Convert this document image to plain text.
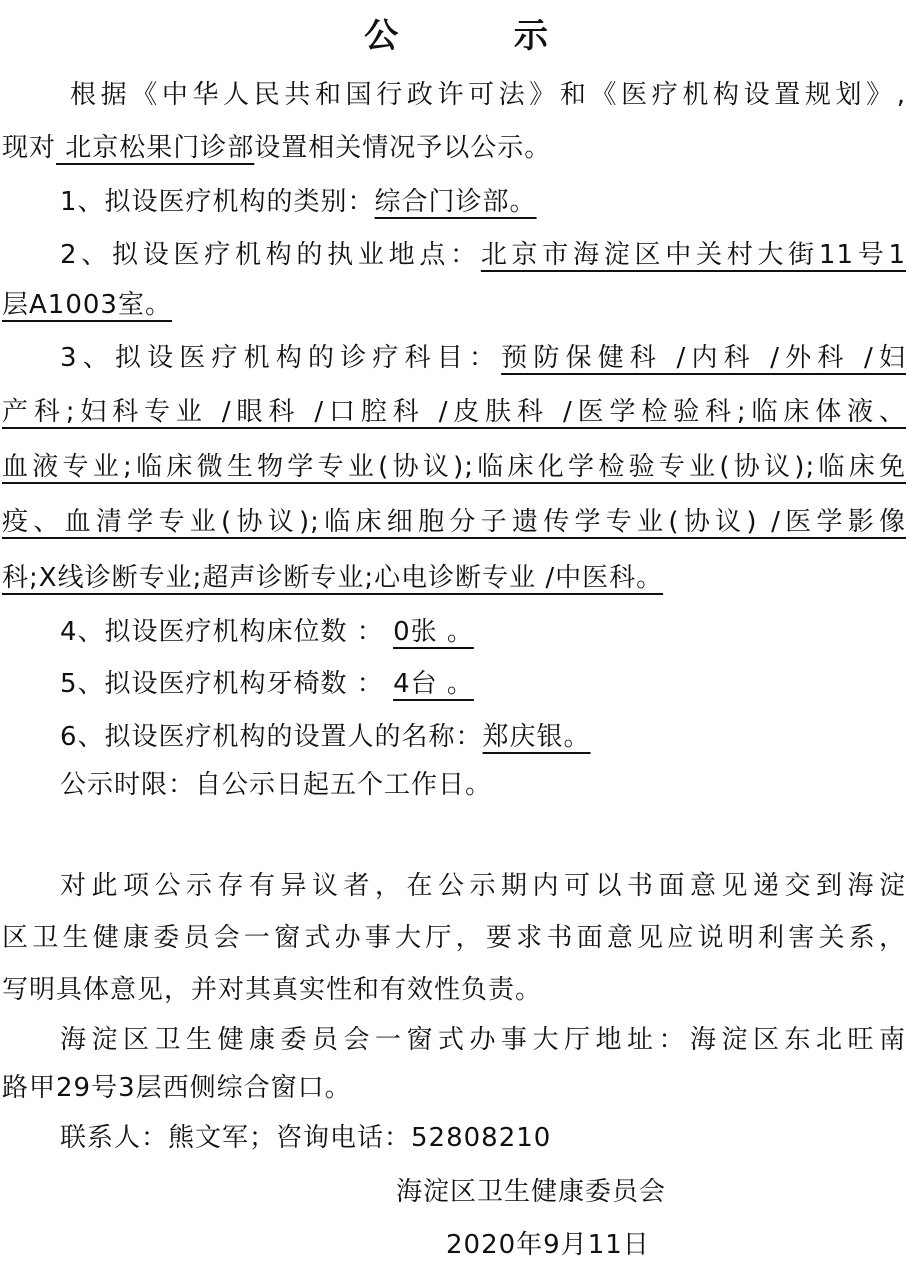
公 示
根据《中华人民共和国行政许可法》和《医疗机构设置规划》,
现对 北京松果门诊部设置相关情况予以公示。
1、拟设医疗机构的类别：综合门诊部。
2、拟设医疗机构的执业地点：北京市海淀区中关村大街11号1
层A1003室。
3、拟设医疗机构的诊疗科目：预防保健科 /内科 /外科 /妇
产科;妇科专业 /眼科 /口腔科 /皮肤科 /医学检验科;临床体液、
血液专业;临床微生物学专业(协议);临床化学检验专业(协议);临床免
疫、血清学专业(协议);临床细胞分子遗传学专业(协议) /医学影像
科;X线诊断专业;超声诊断专业;心电诊断专业 /中医科。
4、拟设医疗机构床位数 ： 0张 。
5、拟设医疗机构牙椅数 ： 4台 。
6、拟设医疗机构的设置人的名称：郑庆银。
公示时限：自公示日起五个工作日。
对此项公示存有异议者，在公示期内可以书面意见递交到海淀
区卫生健康委员会一窗式办事大厅，要求书面意见应说明利害关系，
写明具体意见，并对其真实性和有效性负责。
海淀区卫生健康委员会一窗式办事大厅地址：海淀区东北旺南
路甲29号3层西侧综合窗口。
联系人：熊文军；咨询电话：52808210
海淀区卫生健康委员会
2020年9月11日
